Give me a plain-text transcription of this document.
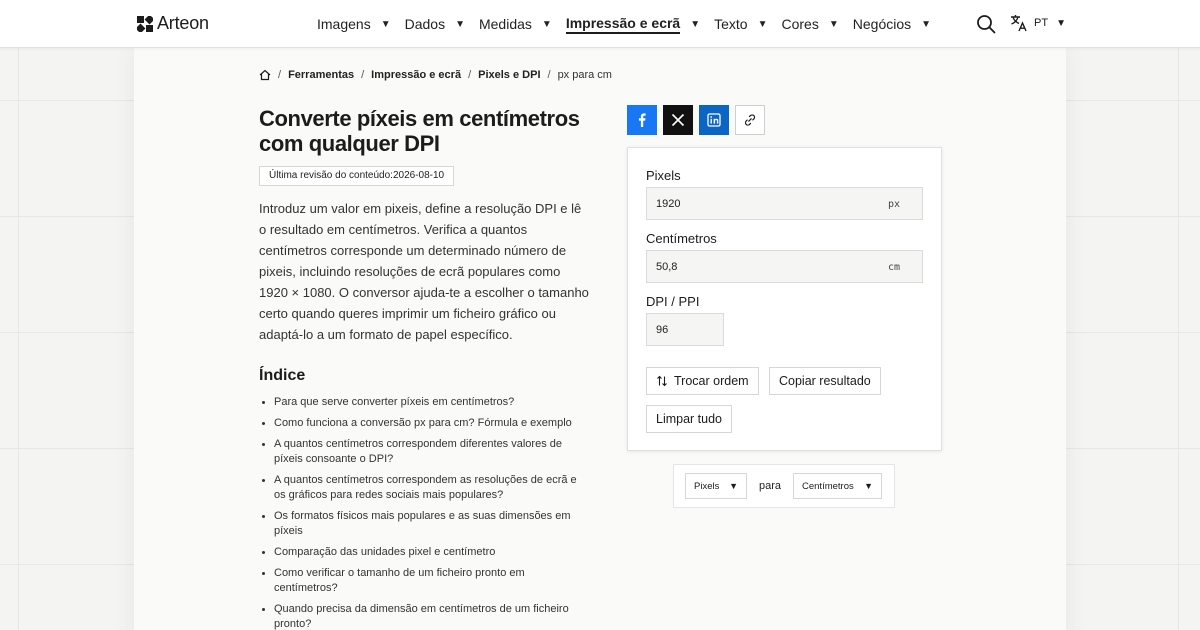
Arteon	Imagens ▼ Dados ▼ Medidas ▼ Impressão e ecrã ▼ Texto ▼ Cores ▼ Negócios ▼	PT ▼
/ Ferramentas / Impressão e ecrã / Pixels e DPI / px para cm
Converte píxeis em centímetros com qualquer DPI
Última revisão do conteúdo:2026-08-10

Introduz um valor em pixeis, define a resolução DPI e lê o resultado em centímetros. Verifica a quantos centímetros corresponde um determinado número de pixeis, incluindo resoluções de ecrã populares como 1920 × 1080. O conversor ajuda-te a escolher o tamanho certo quando queres imprimir um ficheiro gráfico ou adaptá-lo a um formato de papel específico.

Índice
Para que serve converter píxeis em centímetros?
Como funciona a conversão px para cm? Fórmula e exemplo
A quantos centímetros correspondem diferentes valores de píxeis consoante o DPI?
A quantos centímetros correspondem as resoluções de ecrã e os gráficos para redes sociais mais populares?
Os formatos físicos mais populares e as suas dimensões em píxeis
Comparação das unidades pixel e centímetro
Como verificar o tamanho de um ficheiro pronto em centímetros?
Quando precisa da dimensão em centímetros de um ficheiro pronto?
Pixels
1920	px
Centímetros
50,8	cm
DPI / PPI
96
Trocar ordem Copiar resultado
Limpar tudo
Pixels ▼ para Centímetros ▼
